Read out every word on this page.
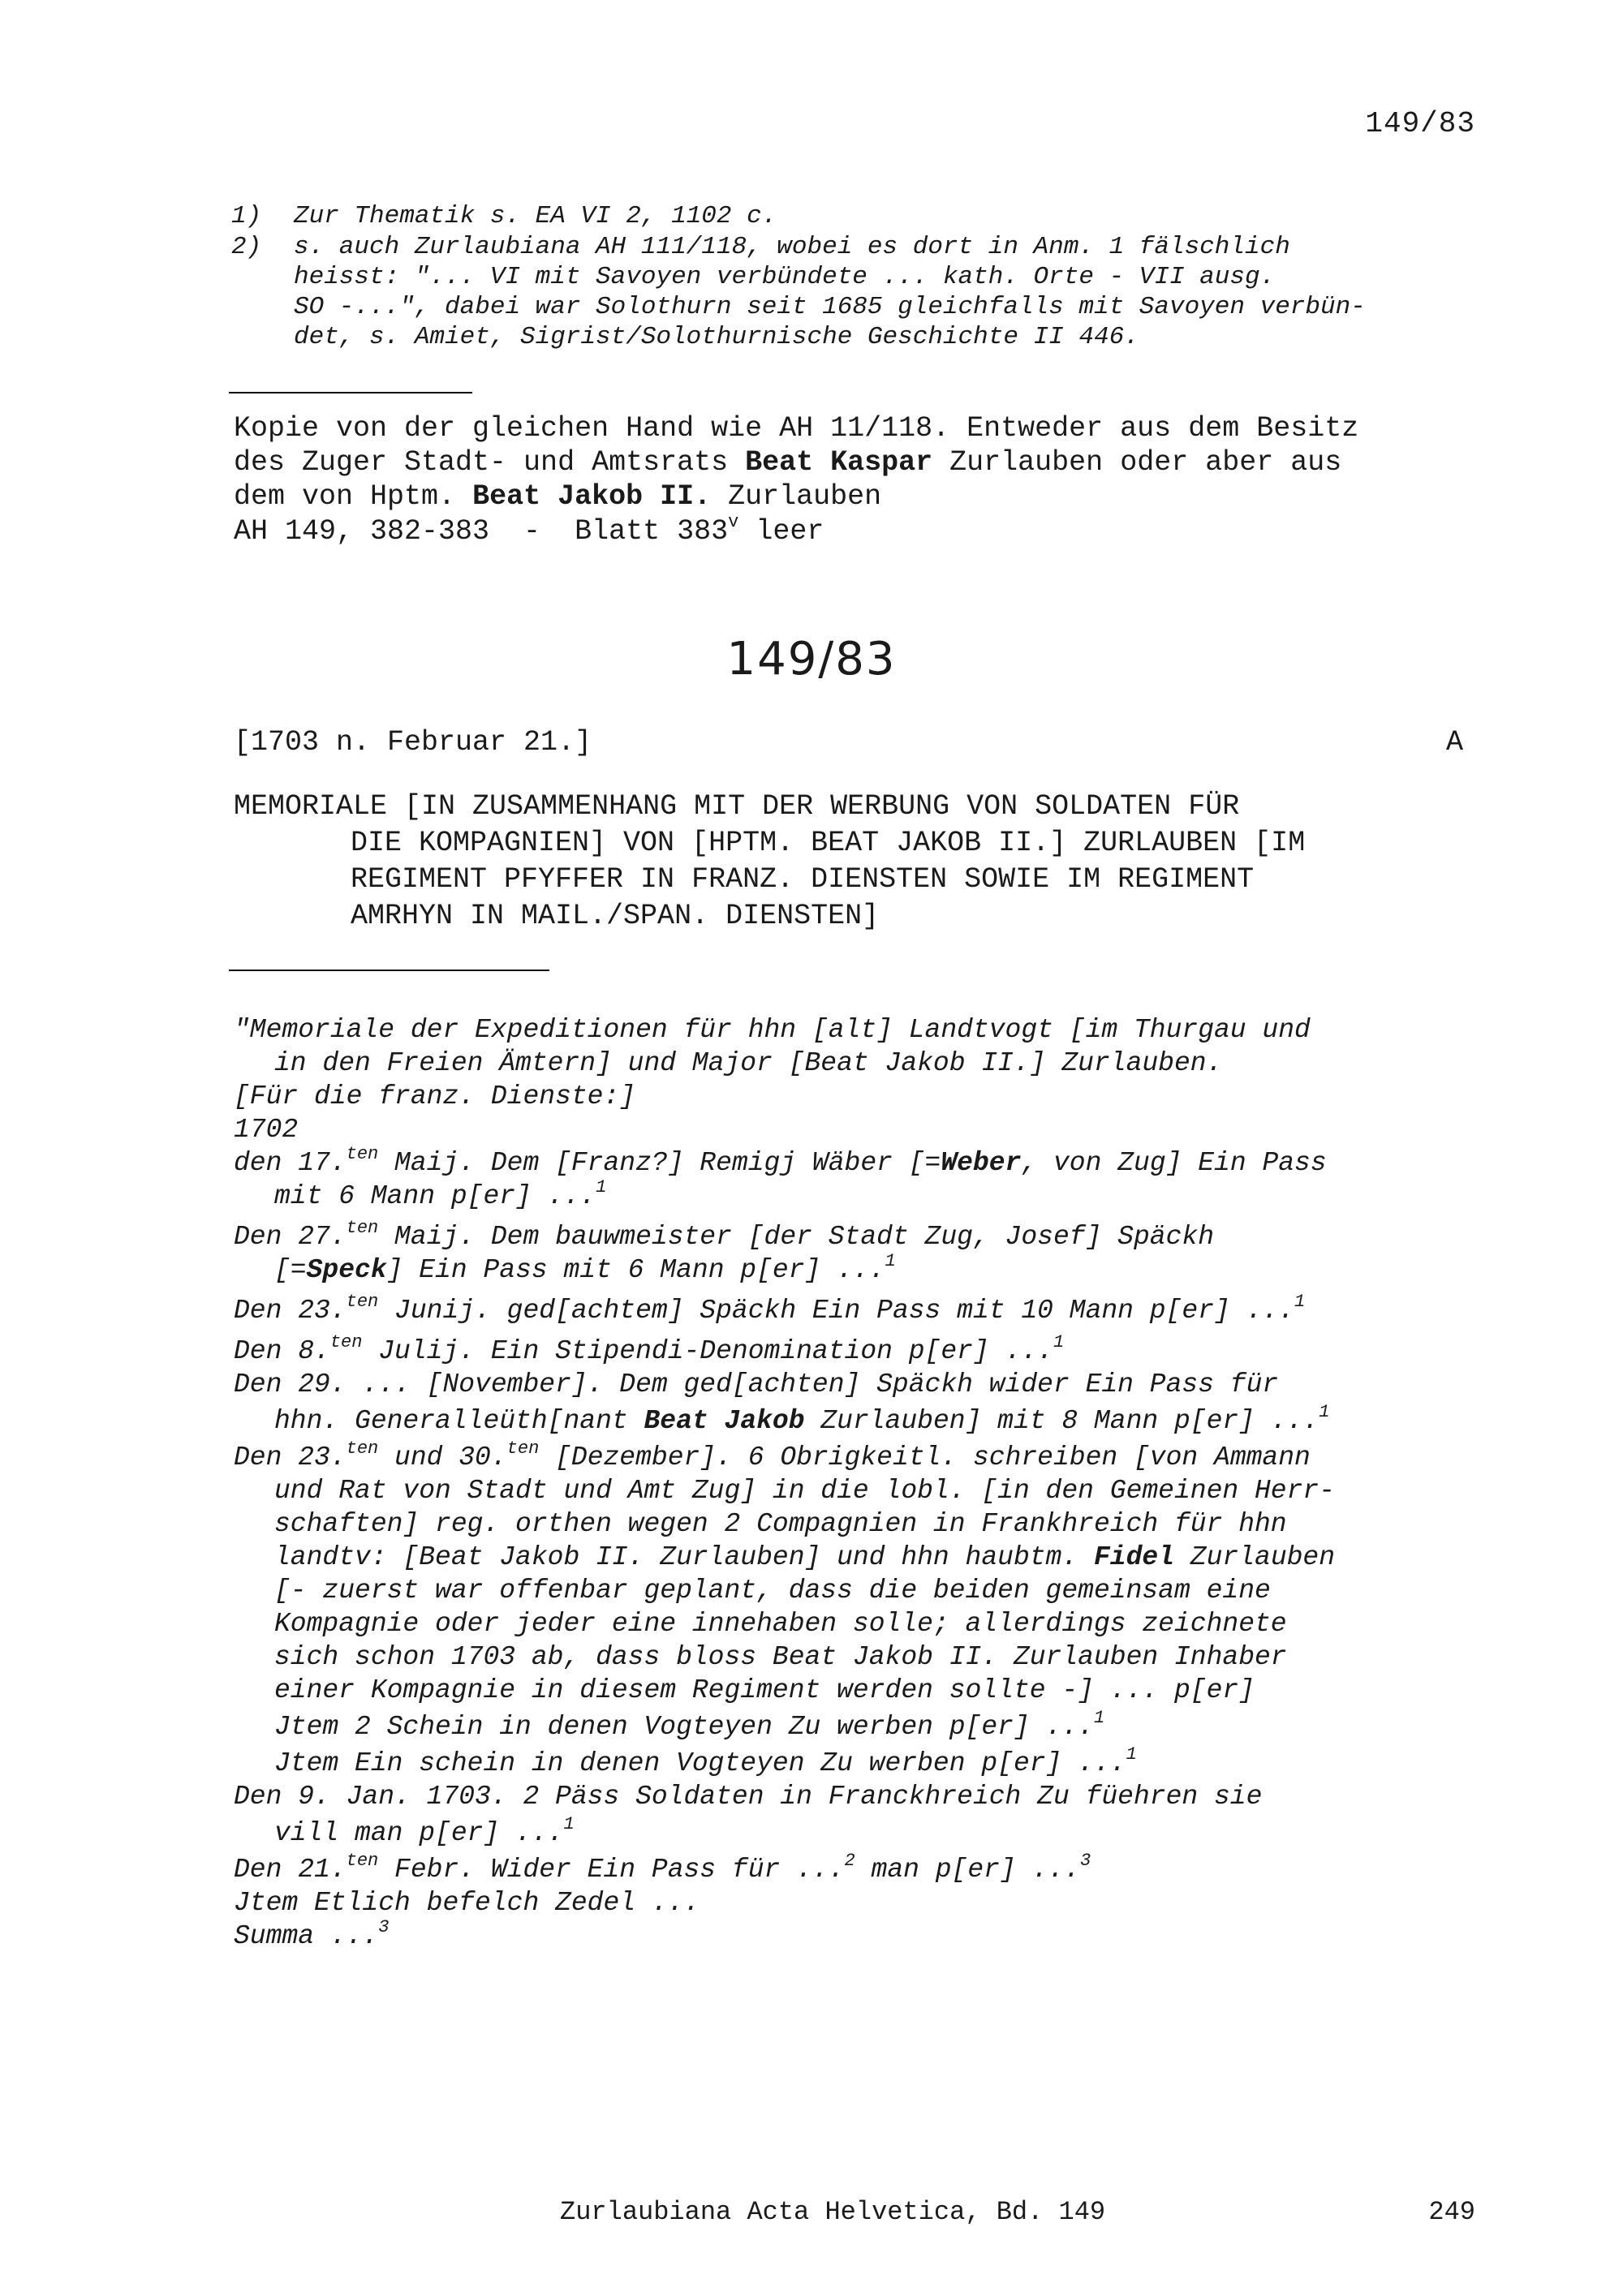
149/83
1) Zur Thematik s. EA VI 2, 1102 c.
2) s. auch Zurlaubiana AH 111/118, wobei es dort in Anm. 1 fälschlich
heisst: "... VI mit Savoyen verbündete ... kath. Orte - VII ausg.
SO -...", dabei war Solothurn seit 1685 gleichfalls mit Savoyen verbün-
det, s. Amiet, Sigrist/Solothurnische Geschichte II 446.
Kopie von der gleichen Hand wie AH 11/118. Entweder aus dem Besitz
des Zuger Stadt- und Amtsrats Beat Kaspar Zurlauben oder aber aus
dem von Hptm. Beat Jakob II. Zurlauben
AH 149, 382-383  -  Blatt 383$^v$ leer
149/83
[1703 n. Februar 21.]	A
MEMORIALE [IN ZUSAMMENHANG MIT DER WERBUNG VON SOLDATEN FÜR
DIE KOMPAGNIEN] VON [HPTM. BEAT JAKOB II.] ZURLAUBEN [IM
REGIMENT PFYFFER IN FRANZ. DIENSTEN SOWIE IM REGIMENT
AMRHYN IN MAIL./SPAN. DIENSTEN]
"Memoriale der Expeditionen für hhn [alt] Landtvogt [im Thurgau und
in den Freien Ämtern] und Major [Beat Jakob II.] Zurlauben.
[Für die franz. Dienste:]
1702
den 17.$^{ten}$ Maij. Dem [Franz?] Remigj Wäber [=Weber, von Zug] Ein Pass
mit 6 Mann p[er] ...$^1$
Den 27.$^{ten}$ Maij. Dem bauwmeister [der Stadt Zug, Josef] Späckh
[=Speck] Ein Pass mit 6 Mann p[er] ...$^1$
Den 23.$^{ten}$ Junij. ged[achtem] Späckh Ein Pass mit 10 Mann p[er] ...$^1$
Den 8.$^{ten}$ Julij. Ein Stipendi-Denomination p[er] ...$^1$
Den 29. ... [November]. Dem ged[achten] Späckh wider Ein Pass für
hhn. Generalleüth[nant Beat Jakob Zurlauben] mit 8 Mann p[er] ...$^1$
Den 23.$^{ten}$ und 30.$^{ten}$ [Dezember]. 6 Obrigkeitl. schreiben [von Ammann
und Rat von Stadt und Amt Zug] in die lobl. [in den Gemeinen Herr-
schaften] reg. orthen wegen 2 Compagnien in Frankhreich für hhn
landtv: [Beat Jakob II. Zurlauben] und hhn haubtm. Fidel Zurlauben
[- zuerst war offenbar geplant, dass die beiden gemeinsam eine
Kompagnie oder jeder eine innehaben solle; allerdings zeichnete
sich schon 1703 ab, dass bloss Beat Jakob II. Zurlauben Inhaber
einer Kompagnie in diesem Regiment werden sollte -] ... p[er]
Jtem 2 Schein in denen Vogteyen Zu werben p[er] ...$^1$
Jtem Ein schein in denen Vogteyen Zu werben p[er] ...$^1$
Den 9. Jan. 1703. 2 Päss Soldaten in Franckhreich Zu füehren sie
vill man p[er] ...$^1$
Den 21.$^{ten}$ Febr. Wider Ein Pass für ...$^2$ man p[er] ...$^3$
Jtem Etlich befelch Zedel ...
Summa ...$^3$
Zurlaubiana Acta Helvetica, Bd. 149	249
